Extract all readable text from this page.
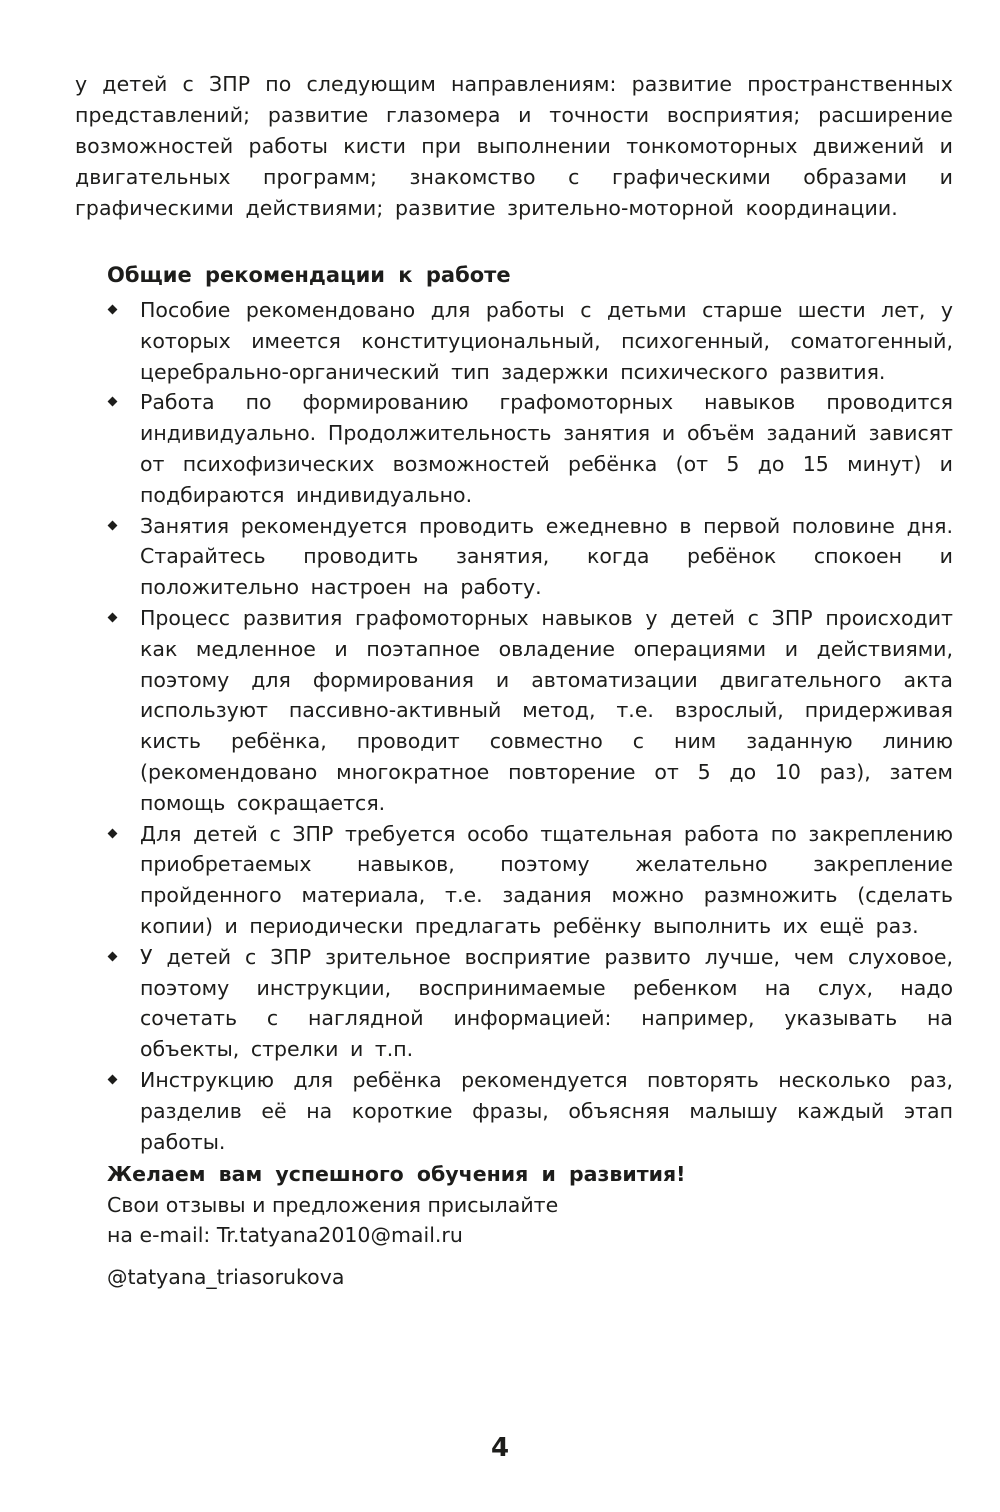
у детей с ЗПР по следующим направлениям: развитие пространственных представлений; развитие глазомера и точности восприятия; расширение возможностей работы кисти при выполнении тонкомоторных движений и двигательных программ; знакомство с графическими образами и графическими действиями; развитие зрительно-моторной координации.

Общие рекомендации к работе
Пособие рекомендовано для работы с детьми старше шести лет, у которых имеется конституциональный, психогенный, соматогенный, церебрально-органический тип задержки психического развития.
Работа по формированию графомоторных навыков проводится индивидуально. Продолжительность занятия и объём заданий зависят от психофизических возможностей ребёнка (от 5 до 15 минут) и подбираются индивидуально.
Занятия рекомендуется проводить ежедневно в первой половине дня. Старайтесь проводить занятия, когда ребёнок спокоен и положительно настроен на работу.
Процесс развития графомоторных навыков у детей с ЗПР происходит как медленное и поэтапное овладение операциями и действиями, поэтому для формирования и автоматизации двигательного акта используют пассивно-активный метод, т.е. взрослый, придерживая кисть ребёнка, проводит совместно с ним заданную линию (рекомендовано многократное повторение от 5 до 10 раз), затем помощь сокращается.
Для детей с ЗПР требуется особо тщательная работа по закреплению приобретаемых навыков, поэтому желательно закрепление пройденного материала, т.е. задания можно размножить (сделать копии) и периодически предлагать ребёнку выполнить их ещё раз.
У детей с ЗПР зрительное восприятие развито лучше, чем слуховое, поэтому инструкции, воспринимаемые ребенком на слух, надо сочетать с наглядной информацией: например, указывать на объекты, стрелки и т.п.
Инструкцию для ребёнка рекомендуется повторять несколько раз, разделив её на короткие фразы, объясняя малышу каждый этап работы.
Желаем вам успешного обучения и развития!
Свои отзывы и предложения присылайте
на e-mail: Tr.tatyana2010@mail.ru

@tatyana_triasorukova

4
